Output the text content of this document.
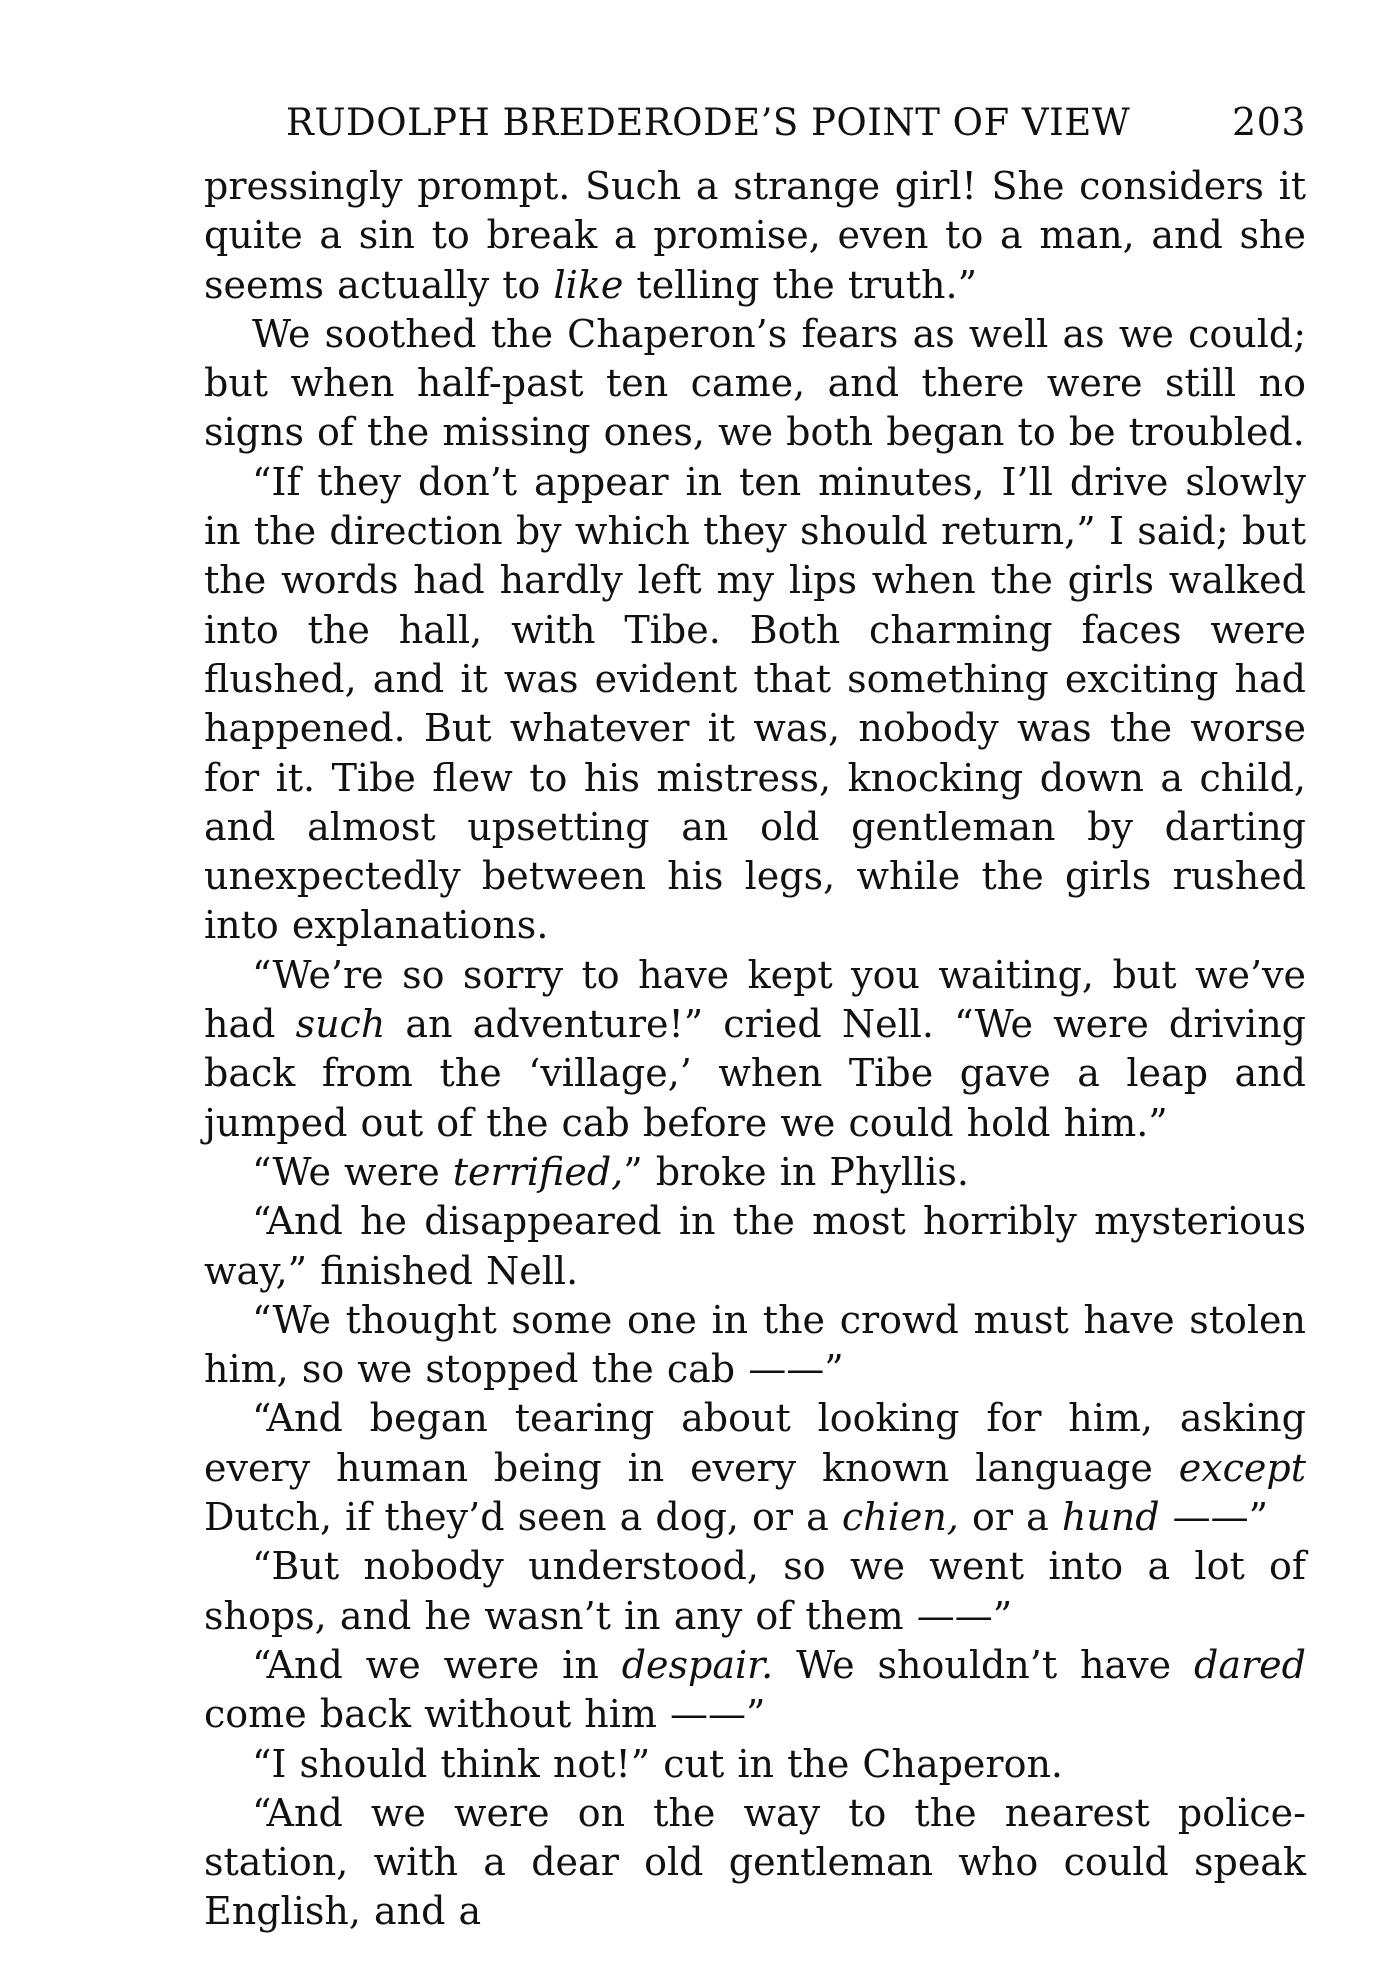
RUDOLPH BREDERODE’S POINT OF VIEW	203

pressingly prompt. Such a strange girl! She considers it quite a sin to break a promise, even to a man, and she seems actually to like telling the truth.”

We soothed the Chaperon’s fears as well as we could; but when half-past ten came, and there were still no signs of the missing ones, we both began to be troubled.

“If they don’t appear in ten minutes, I’ll drive slowly in the direction by which they should return,” I said; but the words had hardly left my lips when the girls walked into the hall, with Tibe. Both charming faces were flushed, and it was evident that something exciting had happened. But whatever it was, nobody was the worse for it. Tibe flew to his mistress, knocking down a child, and almost upsetting an old gentleman by darting unexpectedly between his legs, while the girls rushed into explanations.

“We’re so sorry to have kept you waiting, but we’ve had such an adventure!” cried Nell. “We were driving back from the ‘village,’ when Tibe gave a leap and jumped out of the cab before we could hold him.”

“We were terrified,” broke in Phyllis.

“And he disappeared in the most horribly mysterious way,” finished Nell.

“We thought some one in the crowd must have stolen him, so we stopped the cab ——”

“And began tearing about looking for him, asking every human being in every known language except Dutch, if they’d seen a dog, or a chien, or a hund ——”

“But nobody understood, so we went into a lot of shops, and he wasn’t in any of them ——”

“And we were in despair. We shouldn’t have dared come back without him ——”

“I should think not!” cut in the Chaperon.

“And we were on the way to the nearest police-station, with a dear old gentleman who could speak English, and a
